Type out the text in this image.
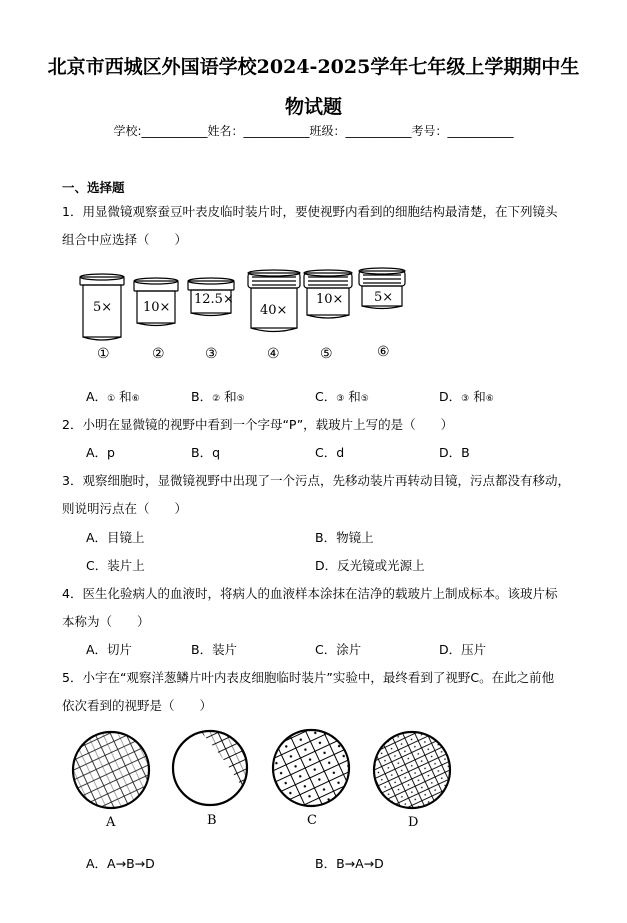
北京市西城区外国语学校2024-2025学年七年级上学期期中生
物试题
学校:___________姓名：___________班级：___________考号：___________
一、选择题
1．用显微镜观察蚕豆叶表皮临时装片时，要使视野内看到的细胞结构最清楚，在下列镜头
组合中应选择（　　）
5× 10×
12.5×
40×
10× 5×
①	②	③	④	⑤	⑥
A．① 和⑥	B．② 和⑤	C．③ 和⑤	D．③ 和⑥
2．小明在显微镜的视野中看到一个字母“P”，载玻片上写的是（　　）
A．p	B．q	C．d	D．B
3．观察细胞时，显微镜视野中出现了一个污点，先移动装片再转动目镜，污点都没有移动，
则说明污点在（　　）
A．目镜上	B．物镜上
C．装片上	D．反光镜或光源上
4．医生化验病人的血液时，将病人的血液样本涂抹在洁净的载玻片上制成标本。该玻片标
本称为（　　）
A．切片	B．装片	C．涂片	D．压片
5．小宇在“观察洋葱鳞片叶内表皮细胞临时装片”实验中，最终看到了视野C。在此之前他
依次看到的视野是（　　）
A	B	C	D
A．A→B→D	B．B→A→D
